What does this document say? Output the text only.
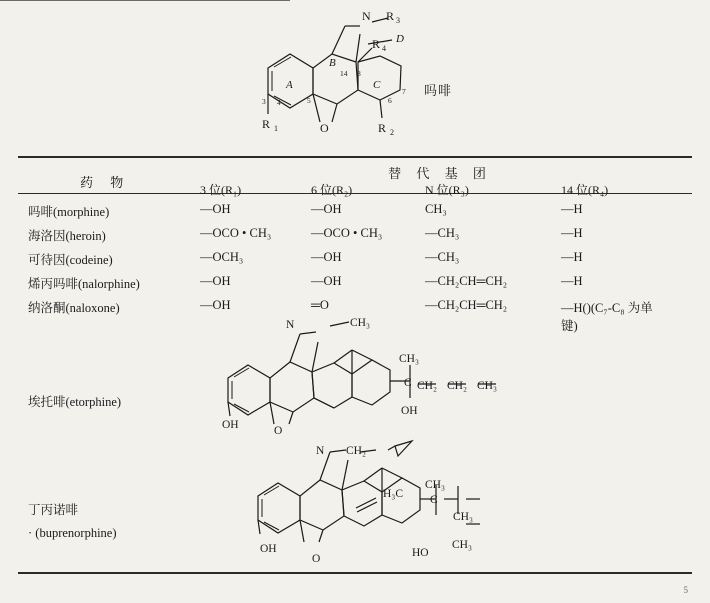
A
B
C
D
N R 3
R 4
R 1	R 2
O
3 4	5	6
7
8
14
吗啡
药 物
替 代 基 团
3 位(R₁)	6 位(R₂)	N 位(R₃)	14 位(R₄)
吗啡(morphine)	—OH	—OH	CH₃	—H
海洛因(heroin)	—OCO • CH₃	—OCO • CH₃	—CH₃	—H
可待因(codeine)	—OCH₃	—OH	—CH₃	—H
烯丙吗啡(nalorphine)	—OH	—OH	—CH₂CH═CH₂	—H
纳洛酮(naloxone)	—OH	═O	—CH₂CH═CH₂	—H()(C₇-C₈ 为单
键)
埃托啡(etorphine)
N	CH₃
CH₃
C CH₂ CH₂ CH₃
OH
OH	O
丁丙诺啡
· (buprenorphine)
N CH₂
H₃C
CH₃
C
CH₃
CH₃
HO
OH
O
5
